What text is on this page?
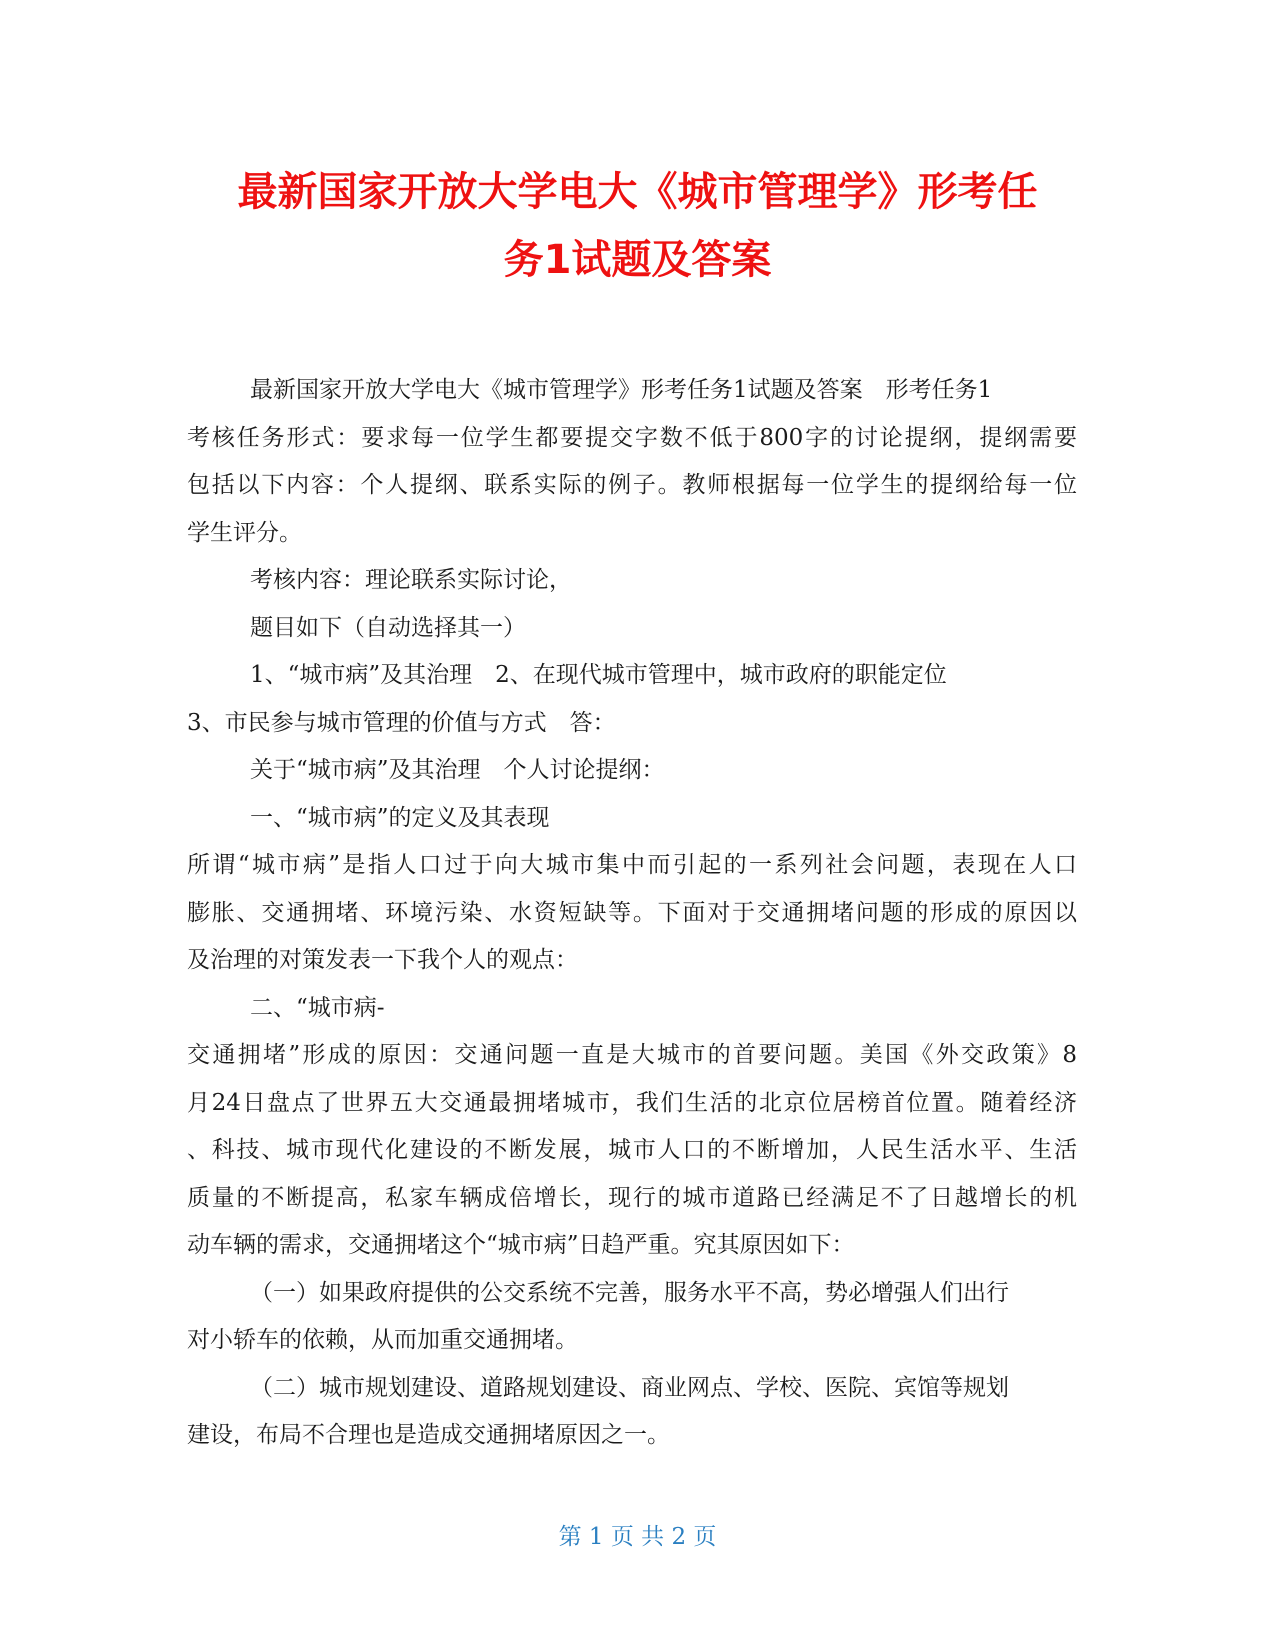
最新国家开放大学电大《城市管理学》形考任
务1试题及答案
最新国家开放大学电大《城市管理学》形考任务1试题及答案　形考任务1
考核任务形式：要求每一位学生都要提交字数不低于800字的讨论提纲，提纲需要
包括以下内容：个人提纲、联系实际的例子。教师根据每一位学生的提纲给每一位
学生评分。
考核内容：理论联系实际讨论，
题目如下（自动选择其一）
1、“城市病”及其治理　2、在现代城市管理中，城市政府的职能定位
3、市民参与城市管理的价值与方式　答：
关于“城市病”及其治理　个人讨论提纲：
一、“城市病”的定义及其表现
所谓“城市病”是指人口过于向大城市集中而引起的一系列社会问题，表现在人口
膨胀、交通拥堵、环境污染、水资短缺等。下面对于交通拥堵问题的形成的原因以
及治理的对策发表一下我个人的观点：
二、“城市病-
交通拥堵”形成的原因：交通问题一直是大城市的首要问题。美国《外交政策》8
月24日盘点了世界五大交通最拥堵城市，我们生活的北京位居榜首位置。随着经济
、科技、城市现代化建设的不断发展，城市人口的不断增加，人民生活水平、生活
质量的不断提高，私家车辆成倍增长，现行的城市道路已经满足不了日越增长的机
动车辆的需求，交通拥堵这个“城市病”日趋严重。究其原因如下：
（一）如果政府提供的公交系统不完善，服务水平不高，势必增强人们出行
对小轿车的依赖，从而加重交通拥堵。
（二）城市规划建设、道路规划建设、商业网点、学校、医院、宾馆等规划
建设，布局不合理也是造成交通拥堵原因之一。
第 1 页 共 2 页
